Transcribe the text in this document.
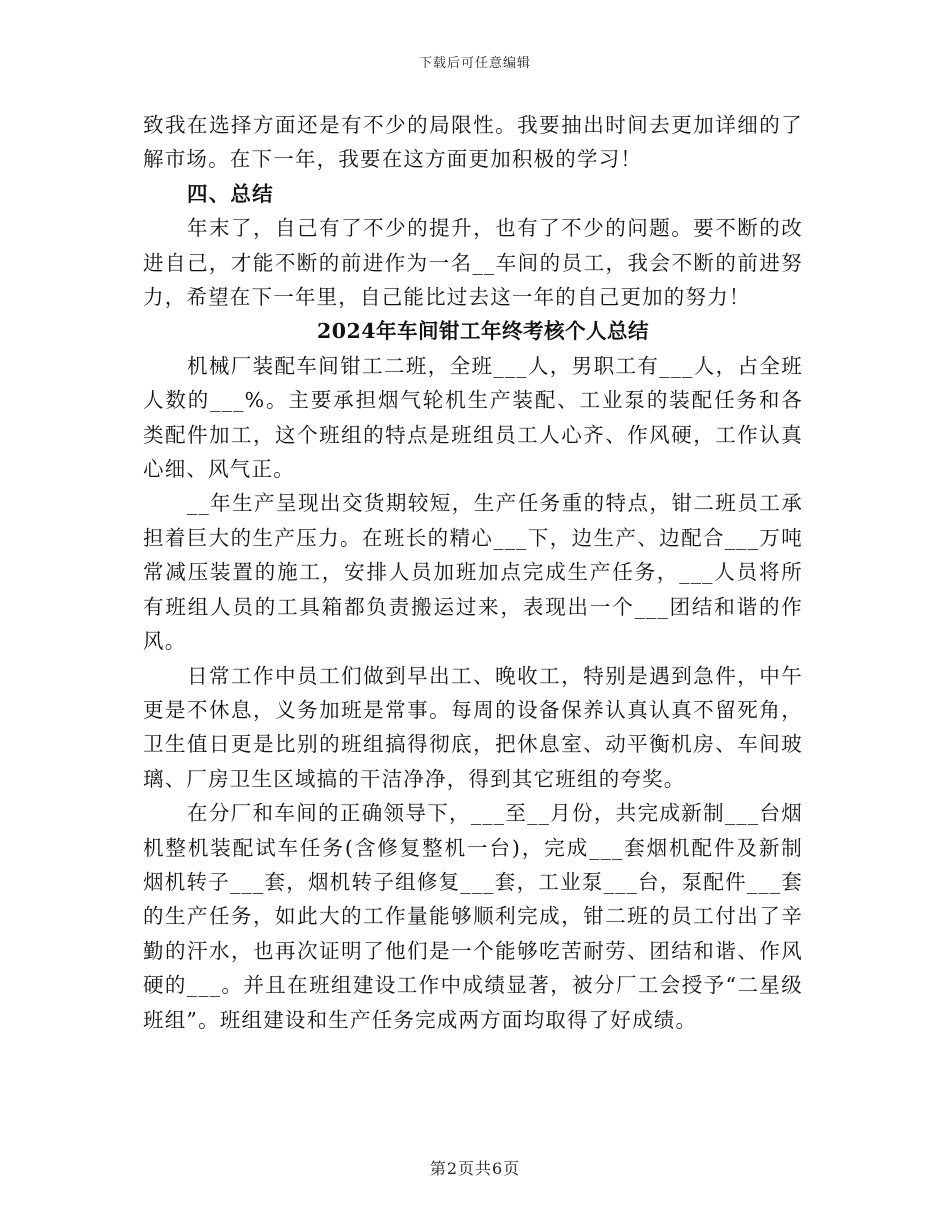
下载后可任意编辑

致我在选择方面还是有不少的局限性。我要抽出时间去更加详细的了解市场。在下一年，我要在这方面更加积极的学习！

四、总结

年末了，自己有了不少的提升，也有了不少的问题。要不断的改进自己，才能不断的前进作为一名__车间的员工，我会不断的前进努力，希望在下一年里，自己能比过去这一年的自己更加的努力！

2024年车间钳工年终考核个人总结

机械厂装配车间钳工二班，全班___人，男职工有___人，占全班人数的___%。主要承担烟气轮机生产装配、工业泵的装配任务和各类配件加工，这个班组的特点是班组员工人心齐、作风硬，工作认真心细、风气正。

__年生产呈现出交货期较短，生产任务重的特点，钳二班员工承担着巨大的生产压力。在班长的精心___下，边生产、边配合___万吨常减压装置的施工，安排人员加班加点完成生产任务，___人员将所有班组人员的工具箱都负责搬运过来，表现出一个___团结和谐的作风。

日常工作中员工们做到早出工、晚收工，特别是遇到急件，中午更是不休息，义务加班是常事。每周的设备保养认真认真不留死角，卫生值日更是比别的班组搞得彻底，把休息室、动平衡机房、车间玻璃、厂房卫生区域搞的干洁净净，得到其它班组的夸奖。

在分厂和车间的正确领导下，___至__月份，共完成新制___台烟机整机装配试车任务(含修复整机一台)，完成___套烟机配件及新制烟机转子___套，烟机转子组修复___套，工业泵___台，泵配件___套的生产任务，如此大的工作量能够顺利完成，钳二班的员工付出了辛勤的汗水，也再次证明了他们是一个能够吃苦耐劳、团结和谐、作风硬的___。并且在班组建设工作中成绩显著，被分厂工会授予“二星级班组”。班组建设和生产任务完成两方面均取得了好成绩。

第2页共6页
